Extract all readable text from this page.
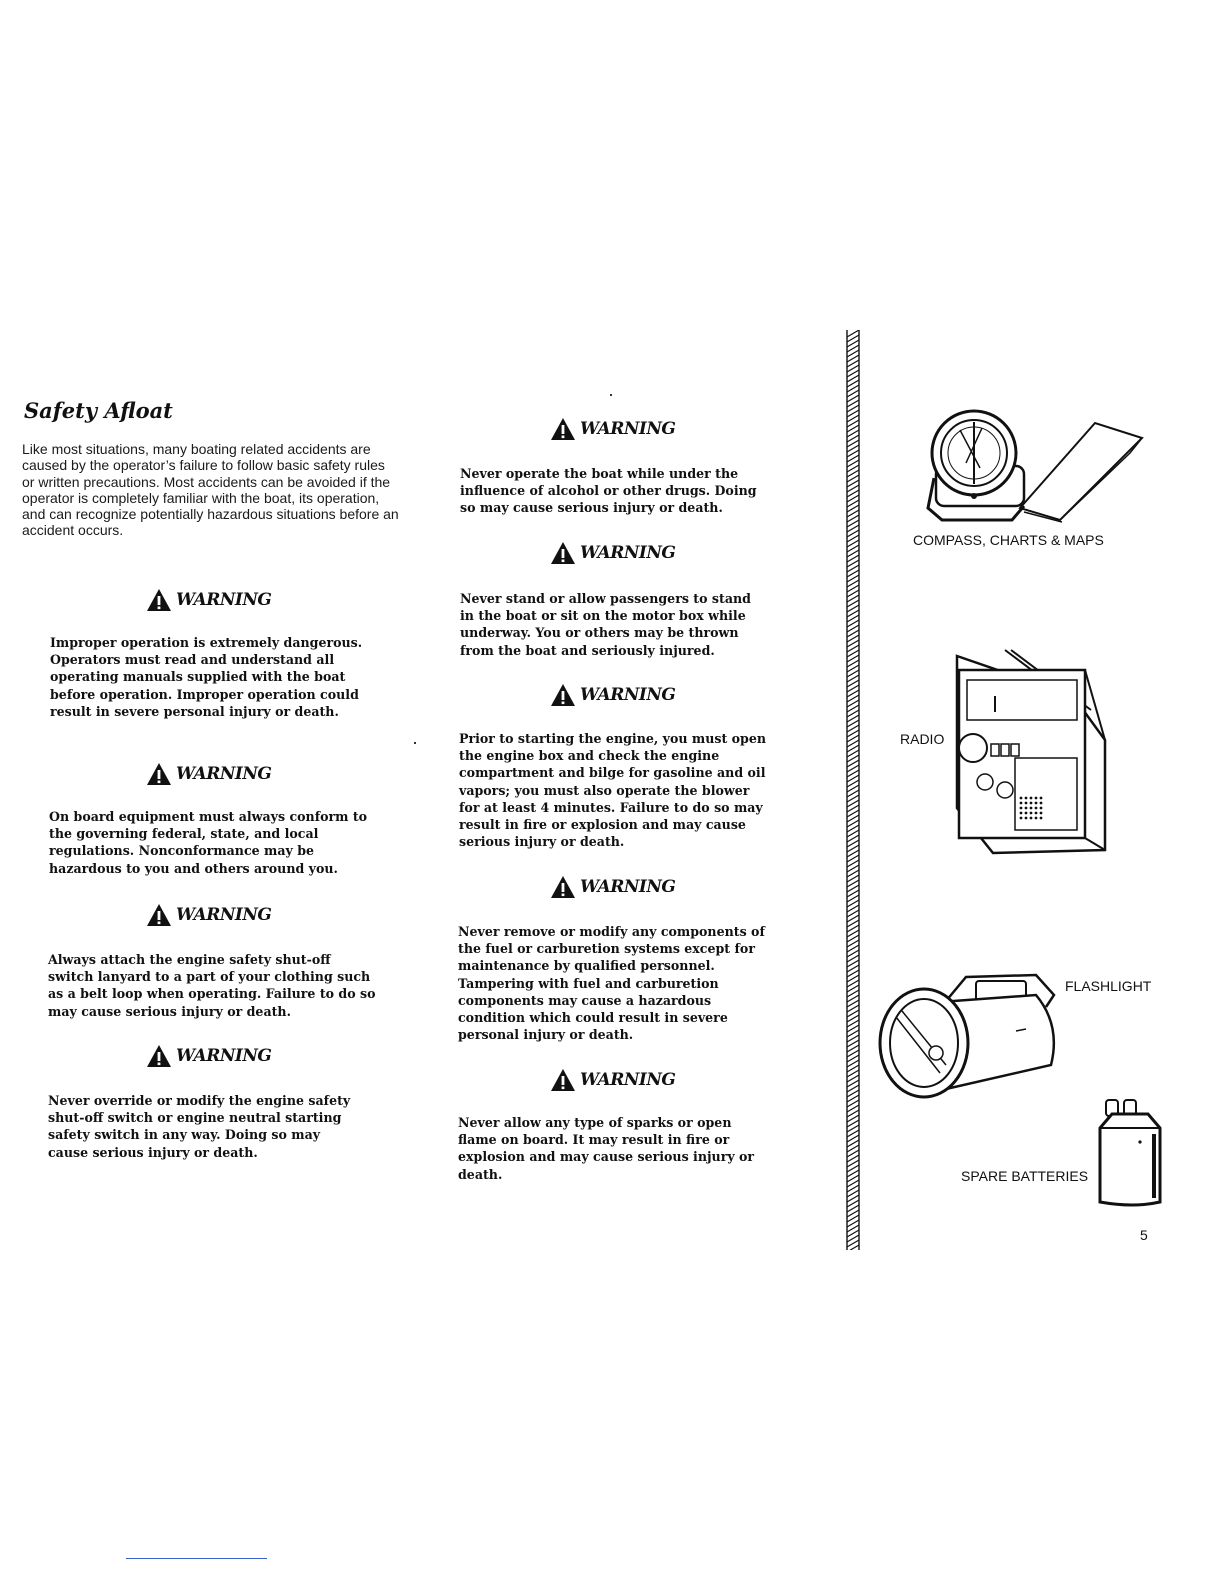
Safety Afloat

Like most situations, many boating related accidents are caused by the operator’s failure to follow basic safety rules or written precautions. Most accidents can be avoided if the operator is completely familiar with the boat, its operation, and can recognize potentially hazardous situations before an accident occurs.

WARNING

Improper operation is extremely dangerous. Operators must read and understand all operating manuals supplied with the boat before operation. Improper operation could result in severe personal injury or death.

WARNING

On board equipment must always conform to the governing federal, state, and local regulations. Nonconformance may be hazardous to you and others around you.

WARNING

Always attach the engine safety shut-off switch lanyard to a part of your clothing such as a belt loop when operating. Failure to do so may cause serious injury or death.

WARNING

Never override or modify the engine safety shut-off switch or engine neutral starting safety switch in any way. Doing so may cause serious injury or death.

WARNING

Never operate the boat while under the influence of alcohol or other drugs. Doing so may cause serious injury or death.

WARNING

Never stand or allow passengers to stand in the boat or sit on the motor box while underway. You or others may be thrown from the boat and seriously injured.

WARNING

Prior to starting the engine, you must open the engine box and check the engine compartment and bilge for gasoline and oil vapors; you must also operate the blower for at least 4 minutes. Failure to do so may result in fire or explosion and may cause serious injury or death.

WARNING

Never remove or modify any components of the fuel or carburetion systems except for maintenance by qualified personnel. Tampering with fuel and carburetion components may cause a hazardous condition which could result in severe personal injury or death.

WARNING

Never allow any type of sparks or open flame on board. It may result in fire or explosion and may cause serious injury or death.

COMPASS, CHARTS & MAPS

RADIO

FLASHLIGHT

SPARE BATTERIES

5
